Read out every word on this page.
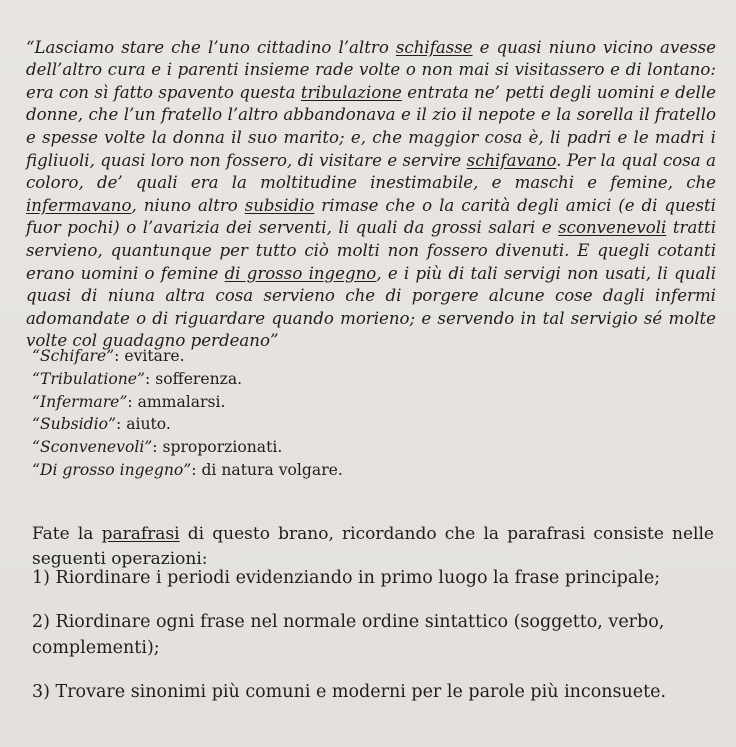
“Lasciamo stare che l’uno cittadino l’altro schifasse e quasi niuno vicino avesse dell’altro cura e i parenti insieme rade volte o non mai si visitassero e di lontano: era con sì fatto spavento questa tribulazione entrata ne’ petti degli uomini e delle donne, che l’un fratello l’altro abbandonava e il zio il nepote e la sorella il fratello e spesse volte la donna il suo marito; e, che maggior cosa è, li padri e le madri i figliuoli, quasi loro non fossero, di visitare e servire schifavano. Per la qual cosa a coloro, de’ quali era la moltitudine inestimabile, e maschi e femine, che infermavano, niuno altro subsidio rimase che o la carità degli amici (e di questi fuor pochi) o l’avarizia dei serventi, li quali da grossi salari e sconvenevoli tratti servieno, quantunque per tutto ciò molti non fossero divenuti. E quegli cotanti erano uomini o femine di grosso ingegno, e i più di tali servigi non usati, li quali quasi di niuna altra cosa servieno che di porgere alcune cose dagli infermi adomandate o di riguardare quando morieno; e servendo in tal servigio sé molte volte col guadagno perdeano”

“Schifare”: evitare.
“Tribulatione”: sofferenza.
“Infermare”: ammalarsi.
“Subsidio”: aiuto.
“Sconvenevoli”: sproporzionati.
“Di grosso ingegno”: di natura volgare.

Fate la parafrasi di questo brano, ricordando che la parafrasi consiste nelle seguenti operazioni:

1) Riordinare i periodi evidenziando in primo luogo la frase principale;

2) Riordinare ogni frase nel normale ordine sintattico (soggetto, verbo, complementi);

3) Trovare sinonimi più comuni e moderni per le parole più inconsuete.
